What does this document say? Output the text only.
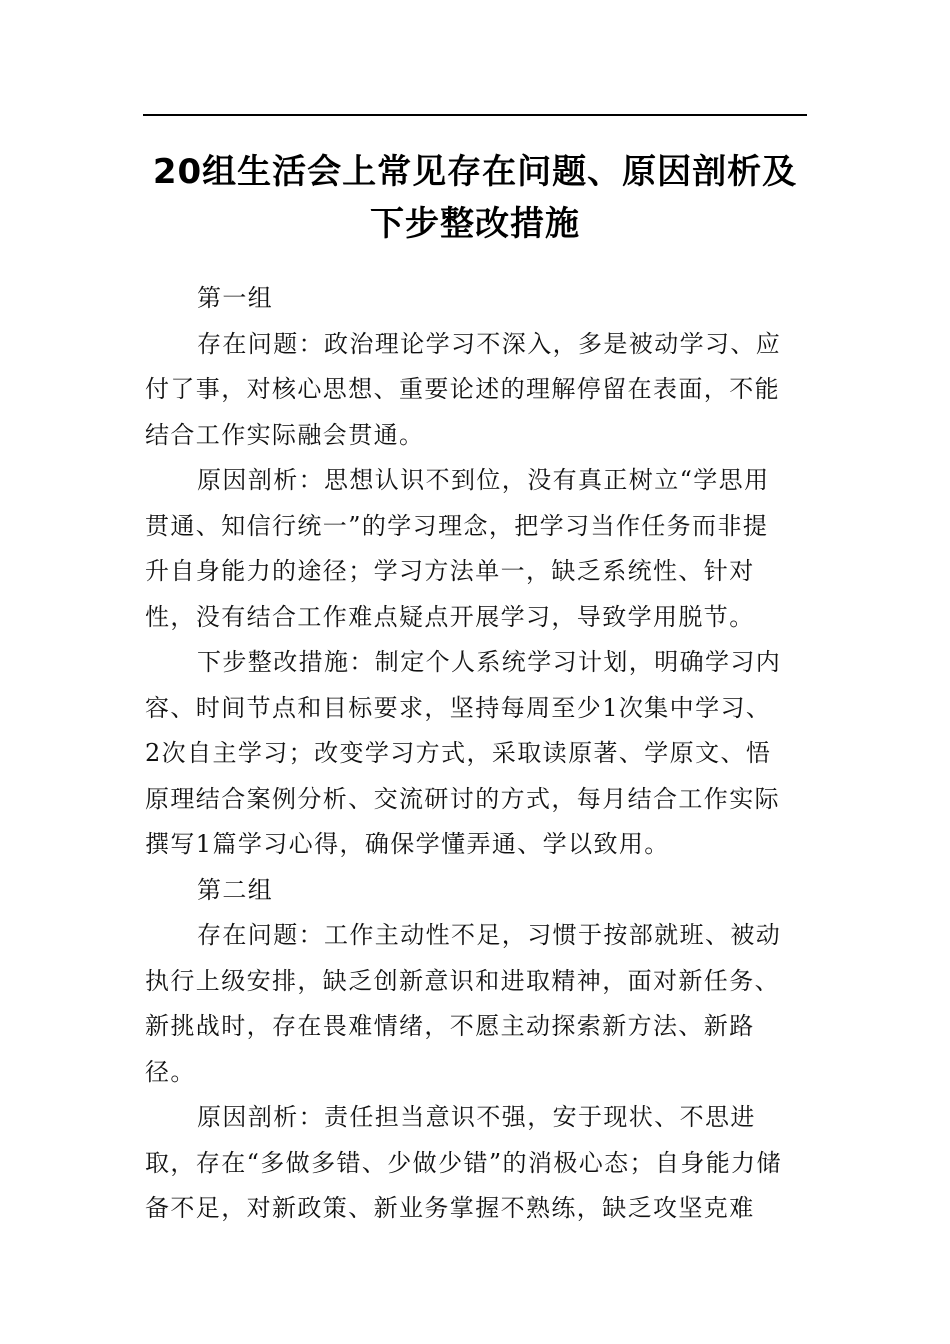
20组生活会上常见存在问题、原因剖析及下步整改措施

第一组

存在问题：政治理论学习不深入，多是被动学习、应付了事，对核心思想、重要论述的理解停留在表面，不能结合工作实际融会贯通。

原因剖析：思想认识不到位，没有真正树立“学思用贯通、知信行统一”的学习理念，把学习当作任务而非提升自身能力的途径；学习方法单一，缺乏系统性、针对性，没有结合工作难点疑点开展学习，导致学用脱节。

下步整改措施：制定个人系统学习计划，明确学习内容、时间节点和目标要求，坚持每周至少1次集中学习、2次自主学习；改变学习方式，采取读原著、学原文、悟原理结合案例分析、交流研讨的方式，每月结合工作实际撰写1篇学习心得，确保学懂弄通、学以致用。

第二组

存在问题：工作主动性不足，习惯于按部就班、被动执行上级安排，缺乏创新意识和进取精神，面对新任务、新挑战时，存在畏难情绪，不愿主动探索新方法、新路径。

原因剖析：责任担当意识不强，安于现状、不思进取，存在“多做多错、少做少错”的消极心态；自身能力储备不足，对新政策、新业务掌握不熟练，缺乏攻坚克难
